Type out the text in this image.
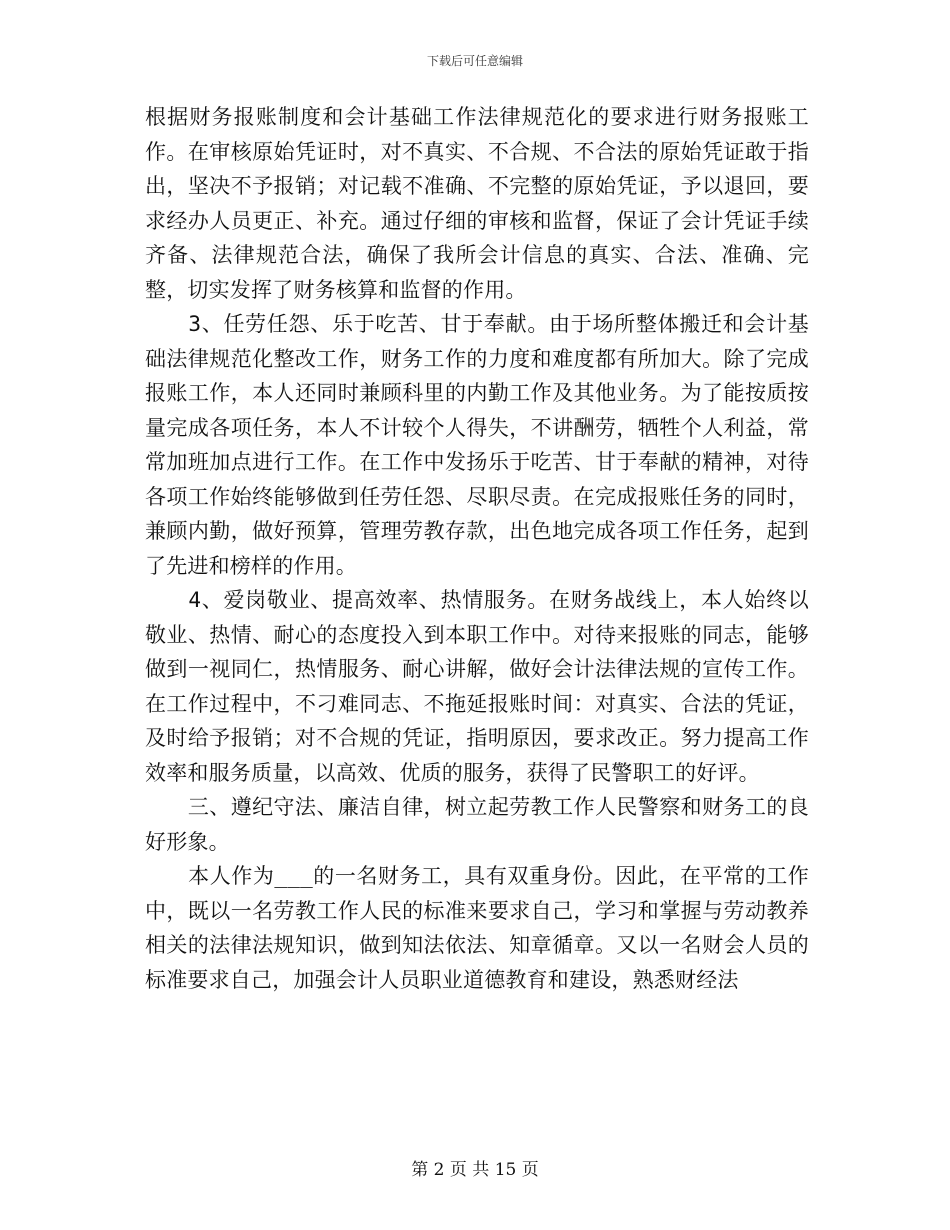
下载后可任意编辑

根据财务报账制度和会计基础工作法律规范化的要求进行财务报账工作。在审核原始凭证时，对不真实、不合规、不合法的原始凭证敢于指出，坚决不予报销；对记载不准确、不完整的原始凭证，予以退回，要求经办人员更正、补充。通过仔细的审核和监督，保证了会计凭证手续齐备、法律规范合法，确保了我所会计信息的真实、合法、准确、完整，切实发挥了财务核算和监督的作用。

　　3、任劳任怨、乐于吃苦、甘于奉献。由于场所整体搬迁和会计基础法律规范化整改工作，财务工作的力度和难度都有所加大。除了完成报账工作，本人还同时兼顾科里的内勤工作及其他业务。为了能按质按量完成各项任务，本人不计较个人得失，不讲酬劳，牺牲个人利益，常常加班加点进行工作。在工作中发扬乐于吃苦、甘于奉献的精神，对待各项工作始终能够做到任劳任怨、尽职尽责。在完成报账任务的同时，兼顾内勤，做好预算，管理劳教存款，出色地完成各项工作任务，起到了先进和榜样的作用。

　　4、爱岗敬业、提高效率、热情服务。在财务战线上，本人始终以敬业、热情、耐心的态度投入到本职工作中。对待来报账的同志，能够做到一视同仁，热情服务、耐心讲解，做好会计法律法规的宣传工作。在工作过程中，不刁难同志、不拖延报账时间：对真实、合法的凭证，及时给予报销；对不合规的凭证，指明原因，要求改正。努力提高工作效率和服务质量，以高效、优质的服务，获得了民警职工的好评。

　　三、遵纪守法、廉洁自律，树立起劳教工作人民警察和财务工的良好形象。

　　本人作为___的一名财务工，具有双重身份。因此，在平常的工作中，既以一名劳教工作人民的标准来要求自己，学习和掌握与劳动教养相关的法律法规知识，做到知法依法、知章循章。又以一名财会人员的标准要求自己，加强会计人员职业道德教育和建设，熟悉财经法

第 2 页 共 15 页
